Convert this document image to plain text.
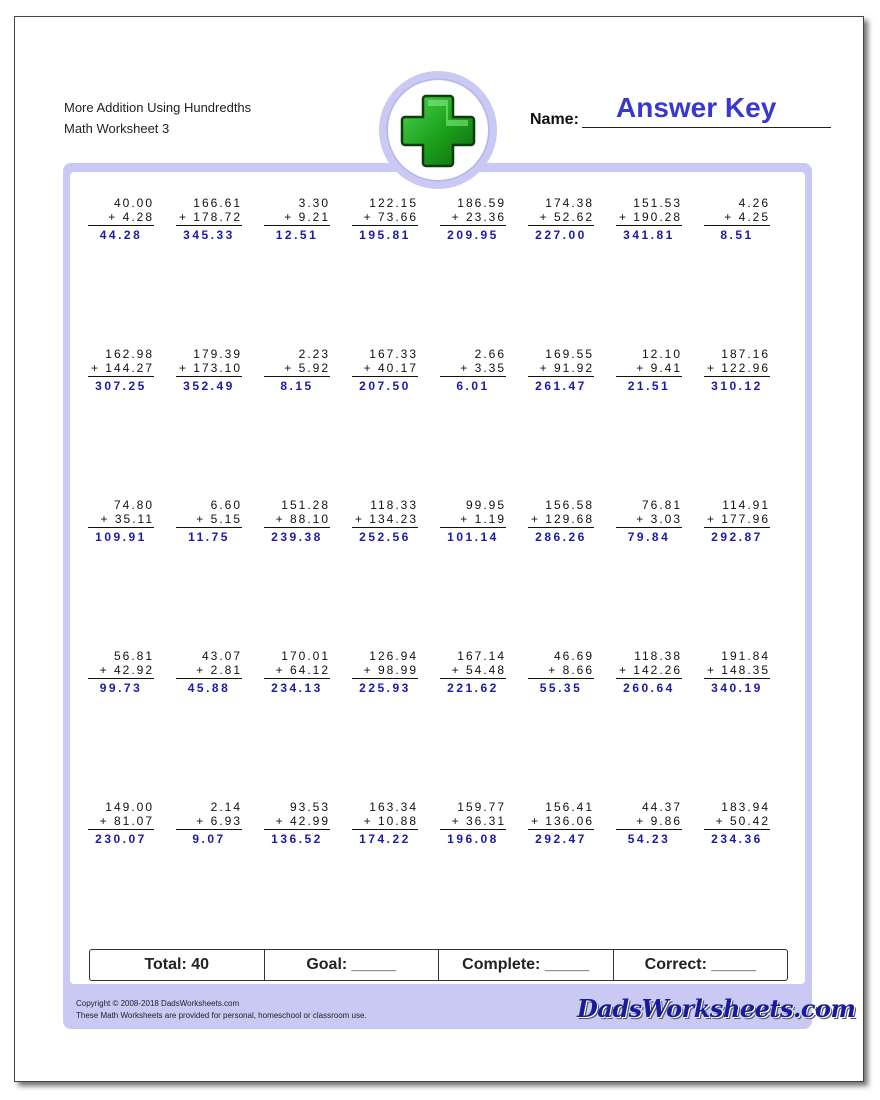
More Addition Using Hundredths
Math Worksheet 3
Name: Answer Key
40.00
+ 4.28
44.28
166.61
+ 178.72
345.33
3.30
+ 9.21
12.51
122.15
+ 73.66
195.81
186.59
+ 23.36
209.95
174.38
+ 52.62
227.00
151.53
+ 190.28
341.81
4.26
+ 4.25
8.51
162.98
+ 144.27
307.25
179.39
+ 173.10
352.49
2.23
+ 5.92
8.15
167.33
+ 40.17
207.50
2.66
+ 3.35
6.01
169.55
+ 91.92
261.47
12.10
+ 9.41
21.51
187.16
+ 122.96
310.12
74.80
+ 35.11
109.91
6.60
+ 5.15
11.75
151.28
+ 88.10
239.38
118.33
+ 134.23
252.56
99.95
+ 1.19
101.14
156.58
+ 129.68
286.26
76.81
+ 3.03
79.84
114.91
+ 177.96
292.87
56.81
+ 42.92
99.73
43.07
+ 2.81
45.88
170.01
+ 64.12
234.13
126.94
+ 98.99
225.93
167.14
+ 54.48
221.62
46.69
+ 8.66
55.35
118.38
+ 142.26
260.64
191.84
+ 148.35
340.19
149.00
+ 81.07
230.07
2.14
+ 6.93
9.07
93.53
+ 42.99
136.52
163.34
+ 10.88
174.22
159.77
+ 36.31
196.08
156.41
+ 136.06
292.47
44.37
+ 9.86
54.23
183.94
+ 50.42
234.36
Total: 40	Goal: _____	Complete: _____	Correct: _____
Copyright © 2008-2018 DadsWorksheets.com
These Math Worksheets are provided for personal, homeschool or classroom use.	DadsWorksheets.com
